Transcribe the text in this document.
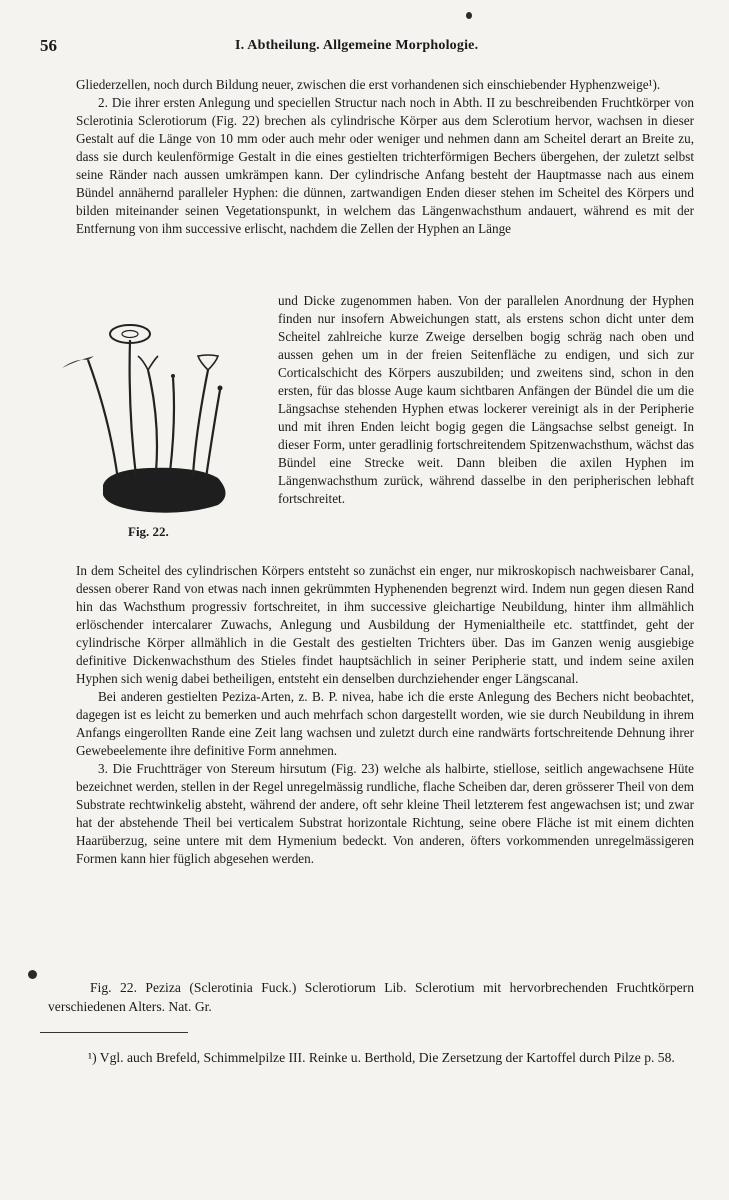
56	I. Abtheilung. Allgemeine Morphologie.

Gliederzellen, noch durch Bildung neuer, zwischen die erst vorhandenen sich einschiebender Hyphenzweige¹).

2. Die ihrer ersten Anlegung und speciellen Structur nach noch in Abth. II zu beschreibenden Fruchtkörper von Sclerotinia Sclerotiorum (Fig. 22) brechen als cylindrische Körper aus dem Sclerotium hervor, wachsen in dieser Gestalt auf die Länge von 10 mm oder auch mehr oder weniger und nehmen dann am Scheitel derart an Breite zu, dass sie durch keulenförmige Gestalt in die eines gestielten trichterförmigen Bechers übergehen, der zuletzt selbst seine Ränder nach aussen umkrämpen kann. Der cylindrische Anfang besteht der Hauptmasse nach aus einem Bündel annähernd paralleler Hyphen: die dünnen, zartwandigen Enden dieser stehen im Scheitel des Körpers und bilden miteinander seinen Vegetationspunkt, in welchem das Längenwachsthum andauert, während es mit der Entfernung von ihm successive erlischt, nachdem die Zellen der Hyphen an Länge

und Dicke zugenommen haben. Von der parallelen Anordnung der Hyphen finden nur insofern Abweichungen statt, als erstens schon dicht unter dem Scheitel zahlreiche kurze Zweige derselben bogig schräg nach oben und aussen gehen um in der freien Seitenfläche zu endigen, und sich zur Corticalschicht des Körpers auszubilden; und zweitens sind, schon in den ersten, für das blosse Auge kaum sichtbaren Anfängen der Bündel die um die Längsachse stehenden Hyphen etwas lockerer vereinigt als in der Peripherie und mit ihren Enden leicht bogig gegen die Längsachse selbst geneigt. In dieser Form, unter geradlinig fortschreitendem Spitzenwachsthum, wächst das Bündel eine Strecke weit. Dann bleiben die axilen Hyphen im Längenwachsthum zurück, während dasselbe in den peripherischen lebhaft fortschreitet.

Fig. 22.

In dem Scheitel des cylindrischen Körpers entsteht so zunächst ein enger, nur mikroskopisch nachweisbarer Canal, dessen oberer Rand von etwas nach innen gekrümmten Hyphenenden begrenzt wird. Indem nun gegen diesen Rand hin das Wachsthum progressiv fortschreitet, in ihm successive gleichartige Neubildung, hinter ihm allmählich erlöschender intercalarer Zuwachs, Anlegung und Ausbildung der Hymenialtheile etc. stattfindet, geht der cylindrische Körper allmählich in die Gestalt des gestielten Trichters über. Das im Ganzen wenig ausgiebige definitive Dickenwachsthum des Stieles findet hauptsächlich in seiner Peripherie statt, und indem seine axilen Hyphen sich wenig dabei betheiligen, entsteht ein denselben durchziehender enger Längscanal.

Bei anderen gestielten Peziza-Arten, z. B. P. nivea, habe ich die erste Anlegung des Bechers nicht beobachtet, dagegen ist es leicht zu bemerken und auch mehrfach schon dargestellt worden, wie sie durch Neubildung in ihrem Anfangs eingerollten Rande eine Zeit lang wachsen und zuletzt durch eine randwärts fortschreitende Dehnung ihrer Gewebeelemente ihre definitive Form annehmen.

3. Die Fruchtträger von Stereum hirsutum (Fig. 23) welche als halbirte, stiellose, seitlich angewachsene Hüte bezeichnet werden, stellen in der Regel unregelmässig rundliche, flache Scheiben dar, deren grösserer Theil von dem Substrate rechtwinkelig absteht, während der andere, oft sehr kleine Theil letzterem fest angewachsen ist; und zwar hat der abstehende Theil bei verticalem Substrat horizontale Richtung, seine obere Fläche ist mit einem dichten Haarüberzug, seine untere mit dem Hymenium bedeckt. Von anderen, öfters vorkommenden unregelmässigeren Formen kann hier füglich abgesehen werden.

Fig. 22. Peziza (Sclerotinia Fuck.) Sclerotiorum Lib. Sclerotium mit hervorbrechenden Fruchtkörpern verschiedenen Alters. Nat. Gr.
¹) Vgl. auch Brefeld, Schimmelpilze III. Reinke u. Berthold, Die Zersetzung der Kartoffel durch Pilze p. 58.
